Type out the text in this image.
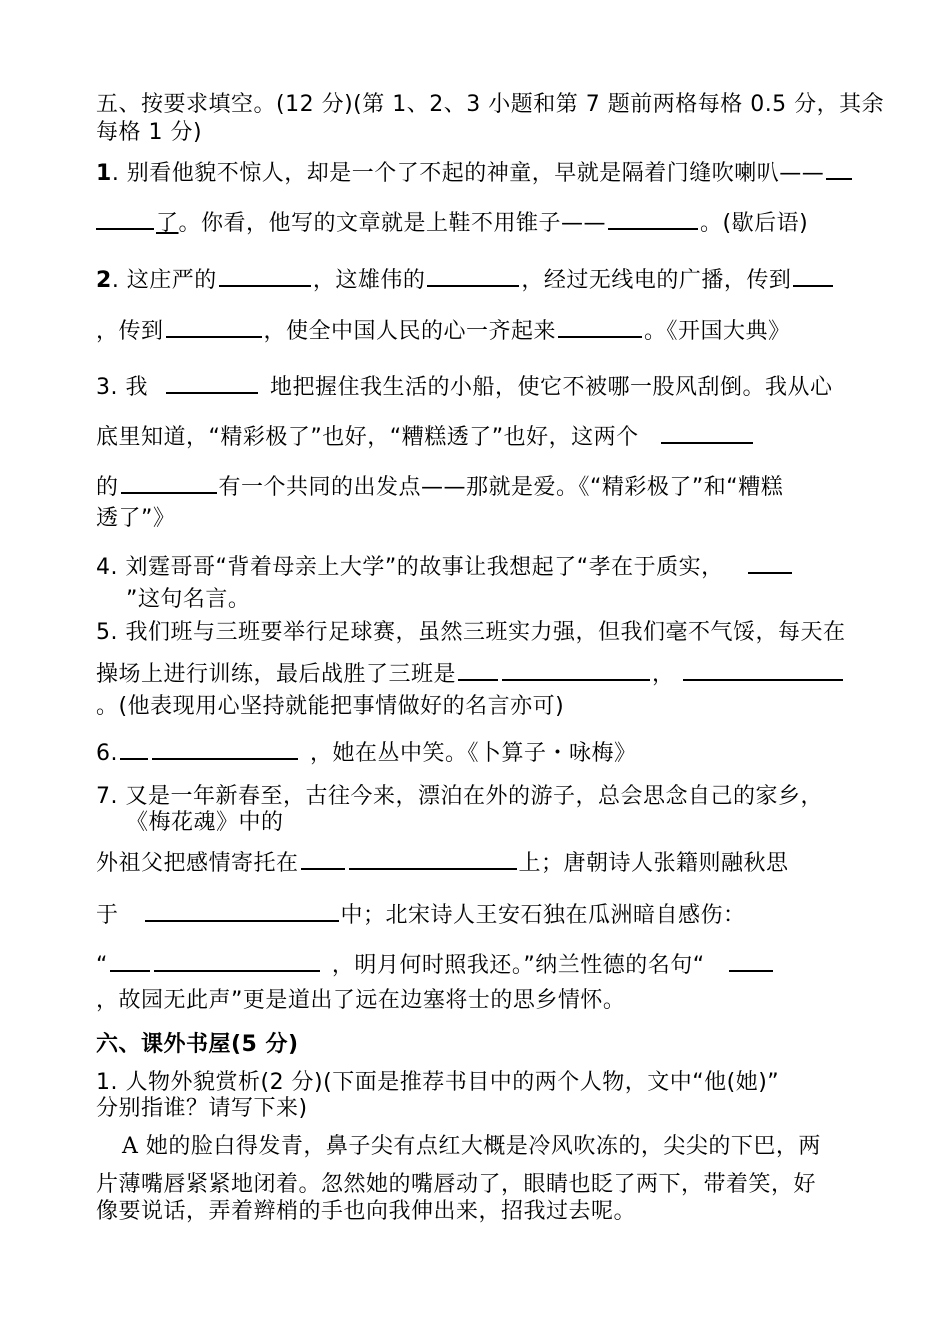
五、按要求填空。(12 分)(第 1、2、3 小题和第 7 题前两格每格 0.5 分，其余
每格 1 分)
1. 别看他貌不惊人，却是一个了不起的神童，早就是隔着门缝吹喇叭——
了。你看，他写的文章就是上鞋不用锥子——	。(歇后语)
2. 这庄严的	，这雄伟的	，经过无线电的广播，传到
，传到	，使全中国人民的心一齐起来	。《开国大典》
3. 我	地把握住我生活的小船，使它不被哪一股风刮倒。我从心
底里知道，“精彩极了”也好，“糟糕透了”也好，这两个
的	有一个共同的出发点——那就是爱。《“精彩极了”和“糟糕
透了”》
4. 刘霆哥哥“背着母亲上大学”的故事让我想起了“孝在于质实，
”这句名言。
5. 我们班与三班要举行足球赛，虽然三班实力强，但我们毫不气馁，每天在
操场上进行训练，最后战胜了三班是	，
。(他表现用心坚持就能把事情做好的名言亦可)
6.	，她在丛中笑。《卜算子・咏梅》
7. 又是一年新春至，古往今来，漂泊在外的游子，总会思念自己的家乡，
《梅花魂》中的
外祖父把感情寄托在	上；唐朝诗人张籍则融秋思
于	中；北宋诗人王安石独在瓜洲暗自感伤：
“	，明月何时照我还。”纳兰性德的名句“
，故园无此声”更是道出了远在边塞将士的思乡情怀。
六、课外书屋(5 分)
1. 人物外貌赏析(2 分)(下面是推荐书目中的两个人物，文中“他(她)”
分别指谁？请写下来)
A 她的脸白得发青，鼻子尖有点红大概是冷风吹冻的，尖尖的下巴，两
片薄嘴唇紧紧地闭着。忽然她的嘴唇动了，眼睛也眨了两下，带着笑，好
像要说话，弄着辫梢的手也向我伸出来，招我过去呢。
